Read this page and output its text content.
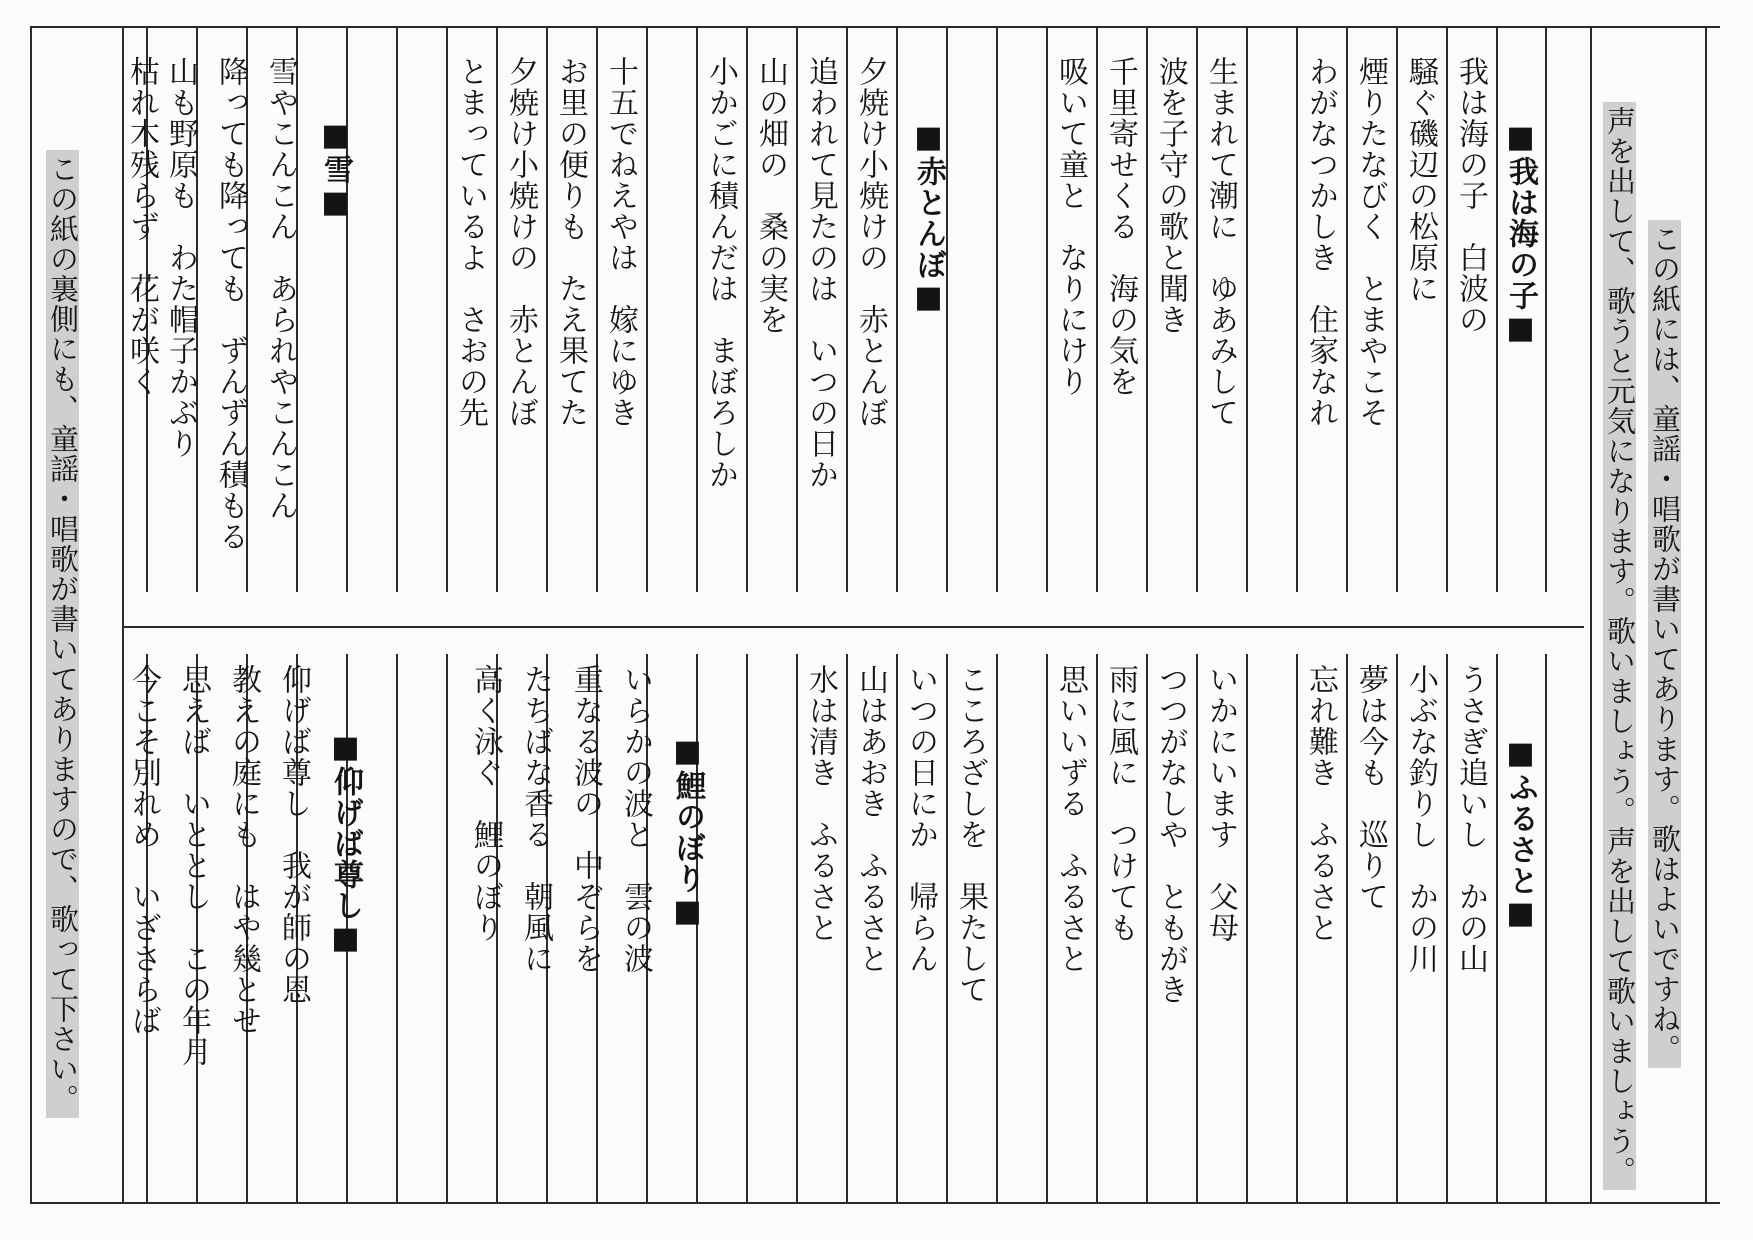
この紙には、童謡・唱歌が書いてあります。歌はよいですね。

声を出して、歌うと元気になります。歌いましょう。声を出して歌いましょう。

■我は海の子■

我は海の子　白波の

騒ぐ磯辺の松原に

煙りたなびく　とまやこそ

わがなつかしき　住家なれ

生まれて潮に　ゆあみして

波を子守の歌と聞き

千里寄せくる　海の気を

吸いて童と　なりにけり

■赤とんぼ■

夕焼け小焼けの　赤とんぼ

追われて見たのは　いつの日か

山の畑の　桑の実を

小かごに積んだは　まぼろしか

十五でねえやは　嫁にゆき

お里の便りも　たえ果てた

夕焼け小焼けの　赤とんぼ

とまっているよ　さおの先

■雪■

雪やこんこん　あられやこんこん

降っても降っても　ずんずん積もる

山も野原も　わた帽子かぶり

枯れ木残らず　花が咲く

■ふるさと■

うさぎ追いし　かの山

小ぶな釣りし　かの川

夢は今も　巡りて

忘れ難き　ふるさと

いかにいます　父母

つつがなしや　ともがき

雨に風に　つけても

思いいずる　ふるさと

こころざしを　果たして

いつの日にか　帰らん

山はあおき　ふるさと

水は清き　ふるさと

■鯉のぼり■

いらかの波と　雲の波

重なる波の　中ぞらを

たちばな香る　朝風に

高く泳ぐ　鯉のぼり

■仰げば尊し■

仰げば尊し　我が師の恩

教えの庭にも　はや幾とせ

思えば　いととし　この年月

今こそ別れめ　いざさらば

この紙の裏側にも、童謡・唱歌が書いてありますので、歌って下さい。
